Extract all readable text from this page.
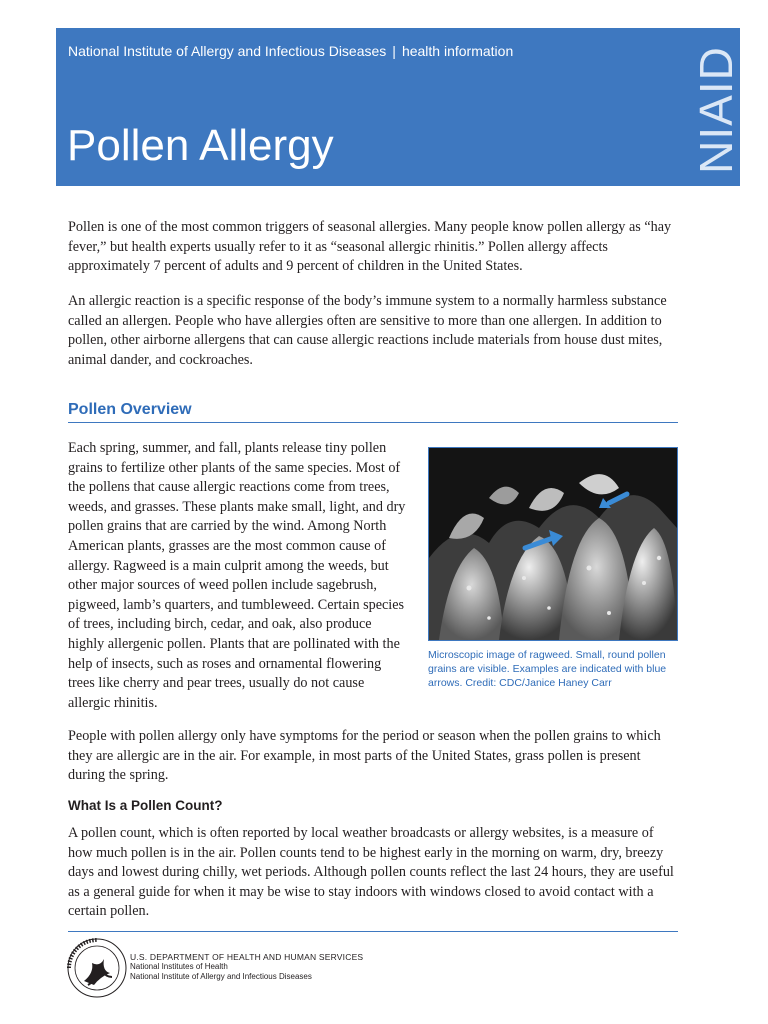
National Institute of Allergy and Infectious Diseases | health information
Pollen Allergy	NIAID

Pollen is one of the most common triggers of seasonal allergies. Many people know pollen allergy as “hay fever,” but health experts usually refer to it as “seasonal allergic rhinitis.” Pollen allergy affects approximately 7 percent of adults and 9 percent of children in the United States.

An allergic reaction is a specific response of the body’s immune system to a normally harmless substance called an allergen. People who have allergies often are sensitive to more than one allergen. In addition to pollen, other airborne allergens that can cause allergic reactions include materials from house dust mites, animal dander, and cockroaches.

Pollen Overview

Each spring, summer, and fall, plants release tiny pollen grains to fertilize other plants of the same species. Most of the pollens that cause allergic reactions come from trees, weeds, and grasses. These plants make small, light, and dry pollen grains that are carried by the wind. Among North American plants, grasses are the most common cause of allergy. Ragweed is a main culprit among the weeds, but other major sources of weed pollen include sagebrush, pigweed, lamb’s quarters, and tumbleweed. Certain species of trees, including birch, cedar, and oak, also produce highly allergenic pollen. Plants that are pollinated with the help of insects, such as roses and ornamental flowering trees like cherry and pear trees, usually do not cause allergic rhinitis.

Microscopic image of ragweed. Small, round pollen grains are visible. Examples are indicated with blue arrows. Credit: CDC/Janice Haney Carr

People with pollen allergy only have symptoms for the period or season when the pollen grains to which they are allergic are in the air. For example, in most parts of the United States, grass pollen is present during the spring.

What Is a Pollen Count?

A pollen count, which is often reported by local weather broadcasts or allergy websites, is a measure of how much pollen is in the air. Pollen counts tend to be highest early in the morning on warm, dry, breezy days and lowest during chilly, wet periods. Although pollen counts reflect the last 24 hours, they are useful as a general guide for when it may be wise to stay indoors with windows closed to avoid contact with a certain pollen.

U.S. DEPARTMENT OF HEALTH AND HUMAN SERVICES
National Institutes of Health
National Institute of Allergy and Infectious Diseases
